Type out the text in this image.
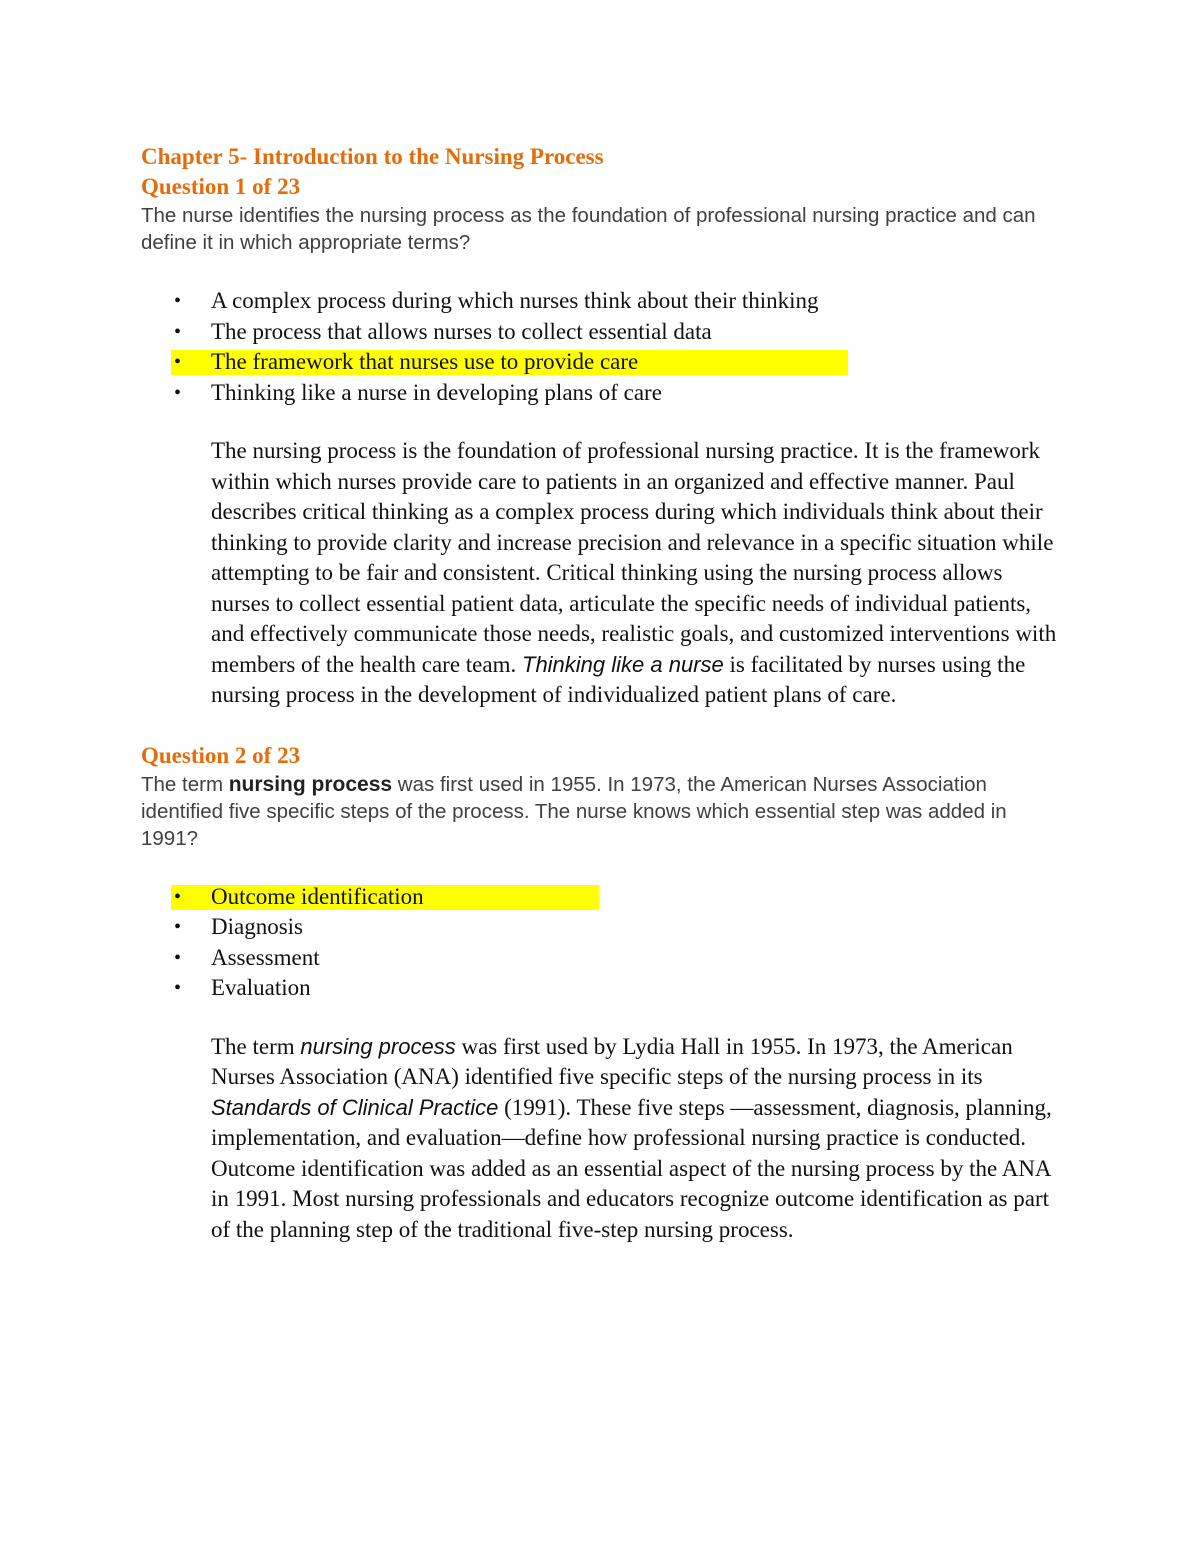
Chapter 5- Introduction to the Nursing Process
Question 1 of 23

The nurse identifies the nursing process as the foundation of professional nursing practice and can define it in which appropriate terms?

• A complex process during which nurses think about their thinking
• The process that allows nurses to collect essential data
• The framework that nurses use to provide care
• Thinking like a nurse in developing plans of care

The nursing process is the foundation of professional nursing practice. It is the framework within which nurses provide care to patients in an organized and effective manner. Paul describes critical thinking as a complex process during which individuals think about their thinking to provide clarity and increase precision and relevance in a specific situation while attempting to be fair and consistent. Critical thinking using the nursing process allows nurses to collect essential patient data, articulate the specific needs of individual patients, and effectively communicate those needs, realistic goals, and customized interventions with members of the health care team. Thinking like a nurse is facilitated by nurses using the nursing process in the development of individualized patient plans of care.

Question 2 of 23

The term nursing process was first used in 1955. In 1973, the American Nurses Association identified five specific steps of the process. The nurse knows which essential step was added in 1991?

• Outcome identification
• Diagnosis
• Assessment
• Evaluation

The term nursing process was first used by Lydia Hall in 1955. In 1973, the American Nurses Association (ANA) identified five specific steps of the nursing process in its Standards of Clinical Practice (1991). These five steps —assessment, diagnosis, planning, implementation, and evaluation—define how professional nursing practice is conducted. Outcome identification was added as an essential aspect of the nursing process by the ANA in 1991. Most nursing professionals and educators recognize outcome identification as part of the planning step of the traditional five-step nursing process.
